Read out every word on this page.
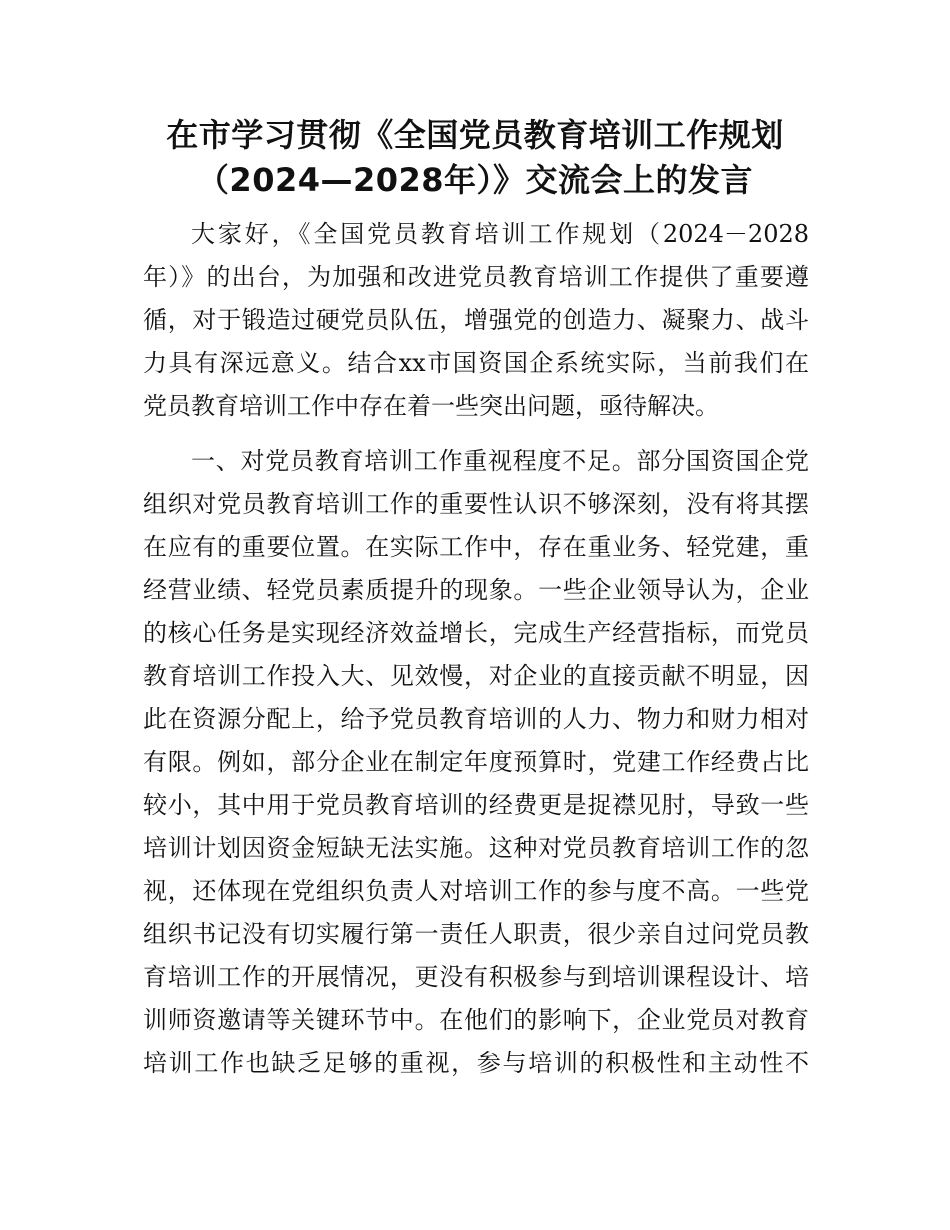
在市学习贯彻《全国党员教育培训工作规划
（2024—2028年）》交流会上的发言
大家好，《全国党员教育培训工作规划（2024－2028
年）》的出台，为加强和改进党员教育培训工作提供了重要遵
循，对于锻造过硬党员队伍，增强党的创造力、凝聚力、战斗
力具有深远意义。结合xx市国资国企系统实际，当前我们在
党员教育培训工作中存在着一些突出问题，亟待解决。
一、对党员教育培训工作重视程度不足。部分国资国企党
组织对党员教育培训工作的重要性认识不够深刻，没有将其摆
在应有的重要位置。在实际工作中，存在重业务、轻党建，重
经营业绩、轻党员素质提升的现象。一些企业领导认为，企业
的核心任务是实现经济效益增长，完成生产经营指标，而党员
教育培训工作投入大、见效慢，对企业的直接贡献不明显，因
此在资源分配上，给予党员教育培训的人力、物力和财力相对
有限。例如，部分企业在制定年度预算时，党建工作经费占比
较小，其中用于党员教育培训的经费更是捉襟见肘，导致一些
培训计划因资金短缺无法实施。这种对党员教育培训工作的忽
视，还体现在党组织负责人对培训工作的参与度不高。一些党
组织书记没有切实履行第一责任人职责，很少亲自过问党员教
育培训工作的开展情况，更没有积极参与到培训课程设计、培
训师资邀请等关键环节中。在他们的影响下，企业党员对教育
培训工作也缺乏足够的重视，参与培训的积极性和主动性不
